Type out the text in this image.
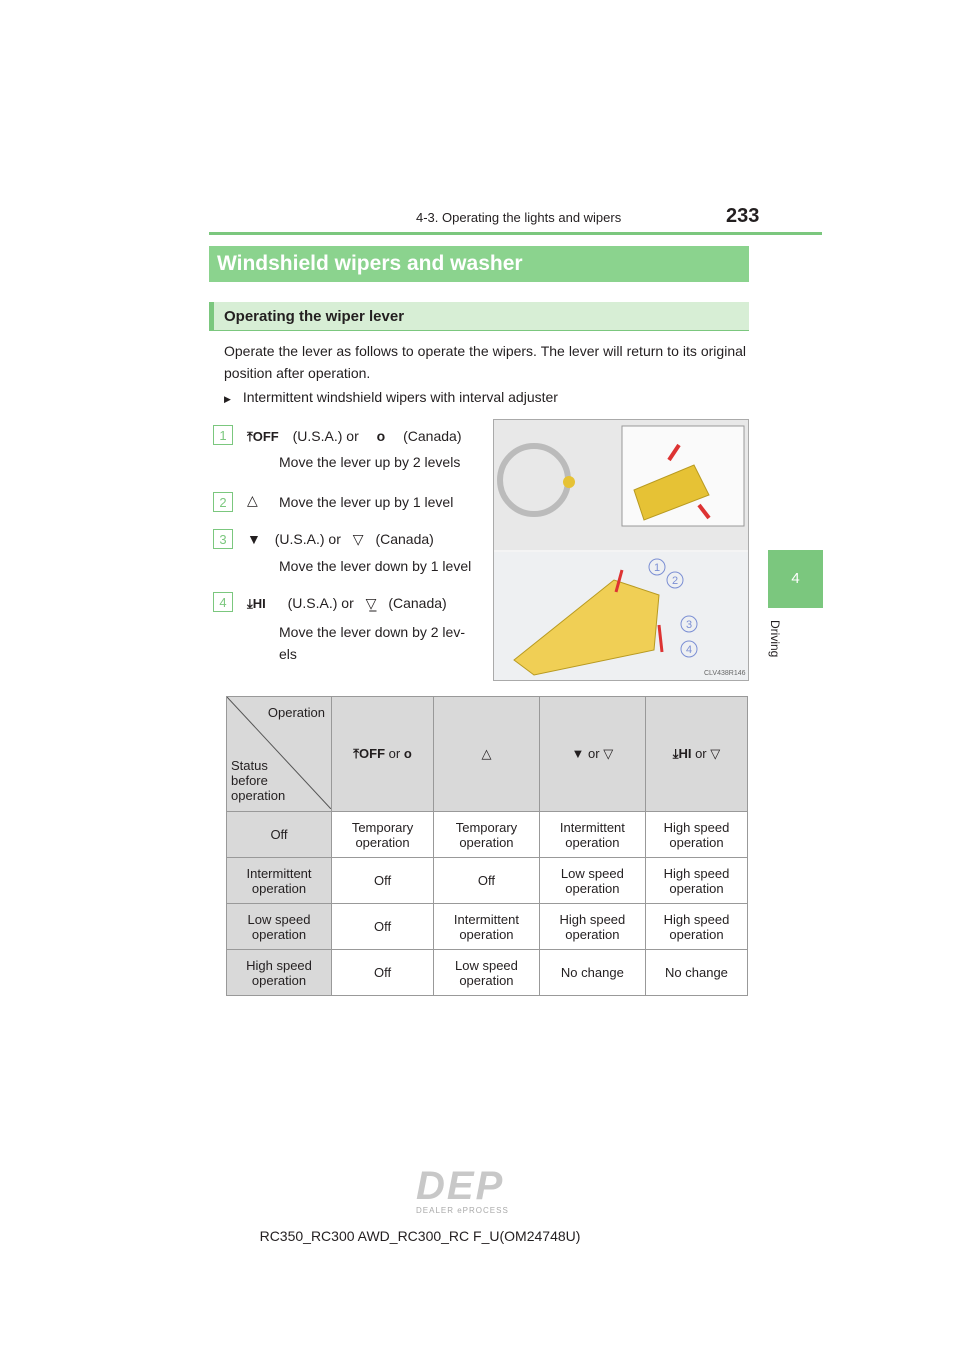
4-3. Operating the lights and wipers	233
4
Driving
Windshield wipers and washer
Operating the wiper lever
Operate the lever as follows to operate the wipers. The lever will return to its original position after operation.
▶ Intermittent windshield wipers with interval adjuster
1	⤒OFF (U.S.A.) or o (Canada)
Move the lever up by 2 levels
2	△ Move the lever up by 1 level
3	▼ (U.S.A.) or ▽ (Canada)
Move the lever down by 1 level
4	⤓HI (U.S.A.) or ▽̲ (Canada)
Move the lever down by 2 lev-els
1
2
3
4
CLV438R146
Operation
Status before operation	⤒OFF or o	△	▼ or ▽	⤓HI or ▽
Off	Temporary operation	Temporary operation	Intermittent operation	High speed operation
Intermittent operation	Off	Off	Low speed operation	High speed operation
Low speed operation	Off	Intermittent operation	High speed operation	High speed operation
High speed operation	Off	Low speed operation	No change	No change
DEP
DEALER ePROCESS
RC350_RC300 AWD_RC300_RC F_U(OM24748U)
